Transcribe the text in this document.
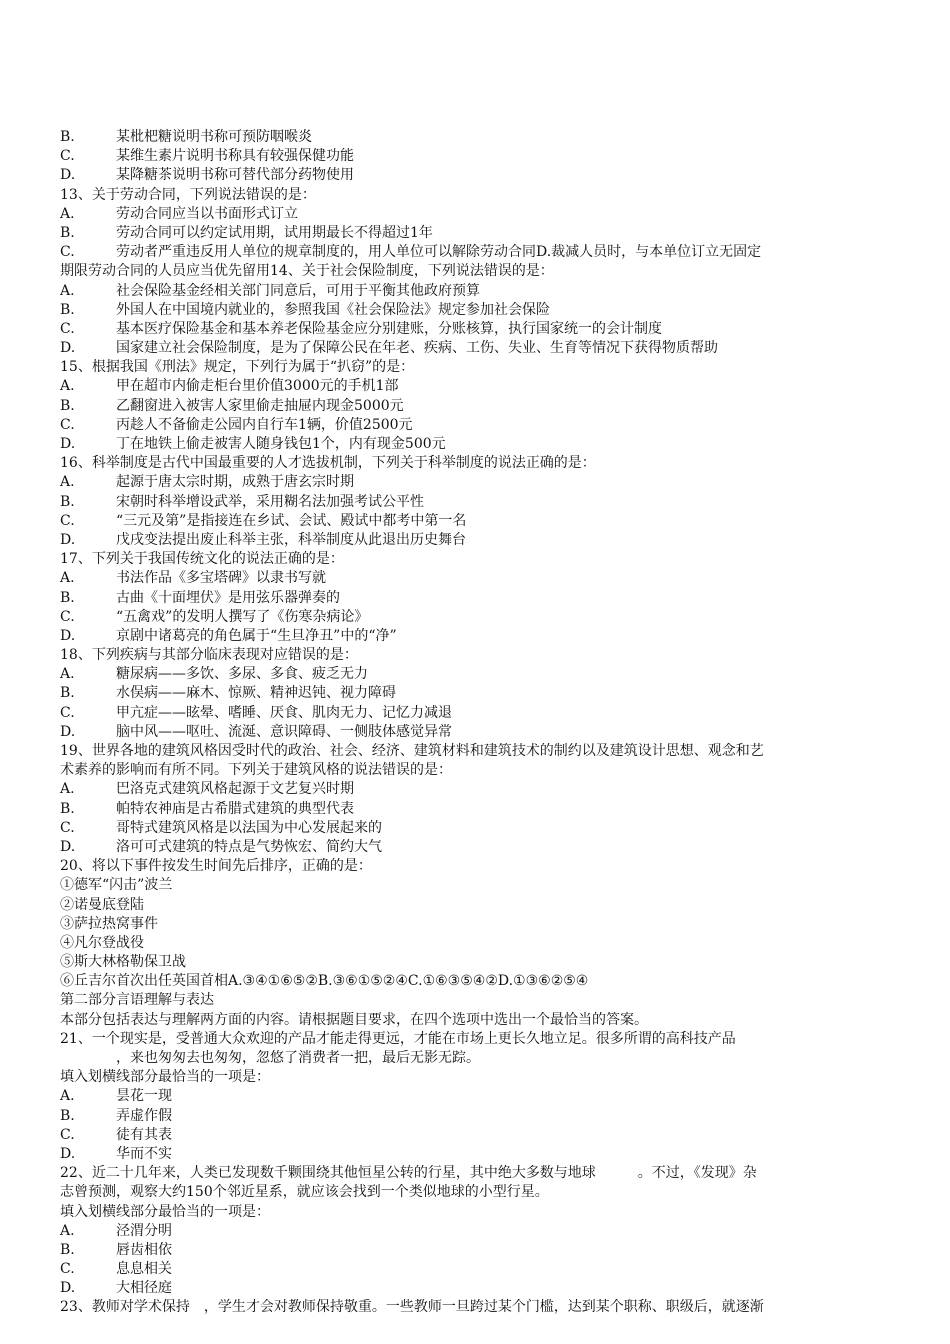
B.	某枇杷糖说明书称可预防咽喉炎
C.	某维生素片说明书称具有较强保健功能
D.	某降糖茶说明书称可替代部分药物使用
13、关于劳动合同，下列说法错误的是：
A.	劳动合同应当以书面形式订立
B.	劳动合同可以约定试用期，试用期最长不得超过1年
C.	劳动者严重违反用人单位的规章制度的，用人单位可以解除劳动合同D.裁减人员时，与本单位订立无固定
期限劳动合同的人员应当优先留用14、关于社会保险制度，下列说法错误的是：
A.	社会保险基金经相关部门同意后，可用于平衡其他政府预算
B.	外国人在中国境内就业的，参照我国《社会保险法》规定参加社会保险
C.	基本医疗保险基金和基本养老保险基金应分别建账，分账核算，执行国家统一的会计制度
D.	国家建立社会保险制度，是为了保障公民在年老、疾病、工伤、失业、生育等情况下获得物质帮助
15、根据我国《刑法》规定，下列行为属于“扒窃”的是：
A.	甲在超市内偷走柜台里价值3000元的手机1部
B.	乙翻窗进入被害人家里偷走抽屉内现金5000元
C.	丙趁人不备偷走公园内自行车1辆，价值2500元
D.	丁在地铁上偷走被害人随身钱包1个，内有现金500元
16、科举制度是古代中国最重要的人才选拔机制，下列关于科举制度的说法正确的是：
A.	起源于唐太宗时期，成熟于唐玄宗时期
B.	宋朝时科举增设武举，采用糊名法加强考试公平性
C.	“三元及第”是指接连在乡试、会试、殿试中都考中第一名
D.	戊戌变法提出废止科举主张，科举制度从此退出历史舞台
17、下列关于我国传统文化的说法正确的是：
A.	书法作品《多宝塔碑》以隶书写就
B.	古曲《十面埋伏》是用弦乐器弹奏的
C.	“五禽戏”的发明人撰写了《伤寒杂病论》
D.	京剧中诸葛亮的角色属于“生旦净丑”中的“净”
18、下列疾病与其部分临床表现对应错误的是：
A.	糖尿病——多饮、多尿、多食、疲乏无力
B.	水俣病——麻木、惊厥、精神迟钝、视力障碍
C.	甲亢症——眩晕、嗜睡、厌食、肌肉无力、记忆力减退
D.	脑中风——呕吐、流涎、意识障碍、一侧肢体感觉异常
19、世界各地的建筑风格因受时代的政治、社会、经济、建筑材料和建筑技术的制约以及建筑设计思想、观念和艺
术素养的影响而有所不同。下列关于建筑风格的说法错误的是：
A.	巴洛克式建筑风格起源于文艺复兴时期
B.	帕特农神庙是古希腊式建筑的典型代表
C.	哥特式建筑风格是以法国为中心发展起来的
D.	洛可可式建筑的特点是气势恢宏、简约大气
20、将以下事件按发生时间先后排序，正确的是：
①德军“闪击”波兰
②诺曼底登陆
③萨拉热窝事件
④凡尔登战役
⑤斯大林格勒保卫战
⑥丘吉尔首次出任英国首相A.③④①⑥⑤②B.③⑥①⑤②④C.①⑥③⑤④②D.①③⑥②⑤④
第二部分言语理解与表达
本部分包括表达与理解两方面的内容。请根据题目要求，在四个选项中选出一个最恰当的答案。
21、一个现实是，受普通大众欢迎的产品才能走得更远，才能在市场上更长久地立足。很多所谓的高科技产品
，来也匆匆去也匆匆，忽悠了消费者一把，最后无影无踪。
填入划横线部分最恰当的一项是：
A.	昙花一现
B.	弄虚作假
C.	徒有其表
D.	华而不实
22、近二十几年来，人类已发现数千颗围绕其他恒星公转的行星，其中绝大多数与地球　　　。不过，《发现》杂
志曾预测，观察大约150个邻近星系，就应该会找到一个类似地球的小型行星。
填入划横线部分最恰当的一项是：
A.	泾渭分明
B.	唇齿相依
C.	息息相关
D.	大相径庭
23、教师对学术保持　，学生才会对教师保持敬重。一些教师一旦跨过某个门槛，达到某个职称、职级后，就逐渐
